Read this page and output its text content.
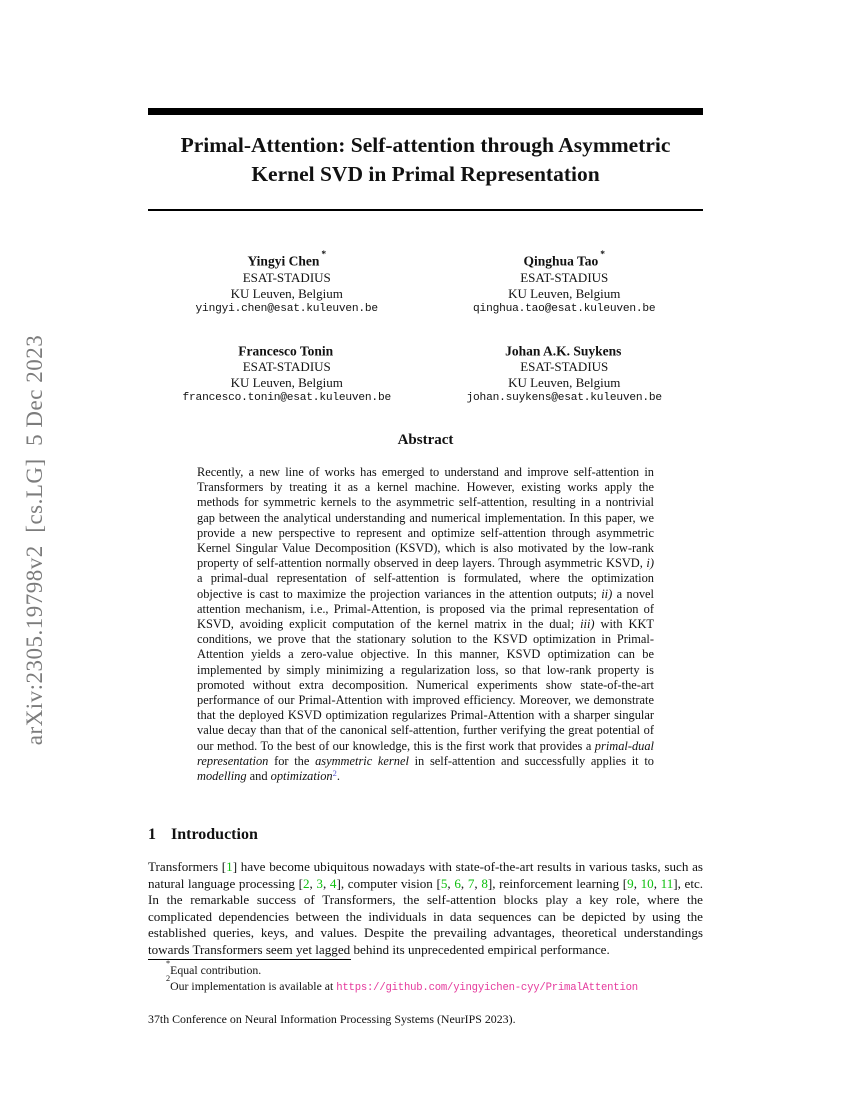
arXiv:2305.19798v2  [cs.LG]  5 Dec 2023
Primal-Attention: Self-attention through Asymmetric
Kernel SVD in Primal Representation
Yingyi Chen *
ESAT-STADIUS
KU Leuven, Belgium
yingyi.chen@esat.kuleuven.be
Qinghua Tao *
ESAT-STADIUS
KU Leuven, Belgium
qinghua.tao@esat.kuleuven.be
Francesco Tonin
ESAT-STADIUS
KU Leuven, Belgium
francesco.tonin@esat.kuleuven.be
Johan A.K. Suykens
ESAT-STADIUS
KU Leuven, Belgium
johan.suykens@esat.kuleuven.be
Abstract
Recently, a new line of works has emerged to understand and improve self-attention in Transformers by treating it as a kernel machine. However, existing works apply the methods for symmetric kernels to the asymmetric self-attention, resulting in a nontrivial gap between the analytical understanding and numerical implementation. In this paper, we provide a new perspective to represent and optimize self-attention through asymmetric Kernel Singular Value Decomposition (KSVD), which is also motivated by the low-rank property of self-attention normally observed in deep layers. Through asymmetric KSVD, i) a primal-dual representation of self-attention is formulated, where the optimization objective is cast to maximize the projection variances in the attention outputs; ii) a novel attention mechanism, i.e., Primal-Attention, is proposed via the primal representation of KSVD, avoiding explicit computation of the kernel matrix in the dual; iii) with KKT conditions, we prove that the stationary solution to the KSVD optimization in Primal-Attention yields a zero-value objective. In this manner, KSVD optimization can be implemented by simply minimizing a regularization loss, so that low-rank property is promoted without extra decomposition. Numerical experiments show state-of-the-art performance of our Primal-Attention with improved efficiency. Moreover, we demonstrate that the deployed KSVD optimization regularizes Primal-Attention with a sharper singular value decay than that of the canonical self-attention, further verifying the great potential of our method. To the best of our knowledge, this is the first work that provides a primal-dual representation for the asymmetric kernel in self-attention and successfully applies it to modelling and optimization$^2$.
1 Introduction
Transformers [1] have become ubiquitous nowadays with state-of-the-art results in various tasks, such as natural language processing [2, 3, 4], computer vision [5, 6, 7, 8], reinforcement learning [9, 10, 11], etc. In the remarkable success of Transformers, the self-attention blocks play a key role, where the complicated dependencies between the individuals in data sequences can be depicted by using the established queries, keys, and values. Despite the prevailing advantages, theoretical understandings towards Transformers seem yet lagged behind its unprecedented empirical performance.
*Equal contribution.
$^2$Our implementation is available at https://github.com/yingyichen-cyy/PrimalAttention
37th Conference on Neural Information Processing Systems (NeurIPS 2023).
